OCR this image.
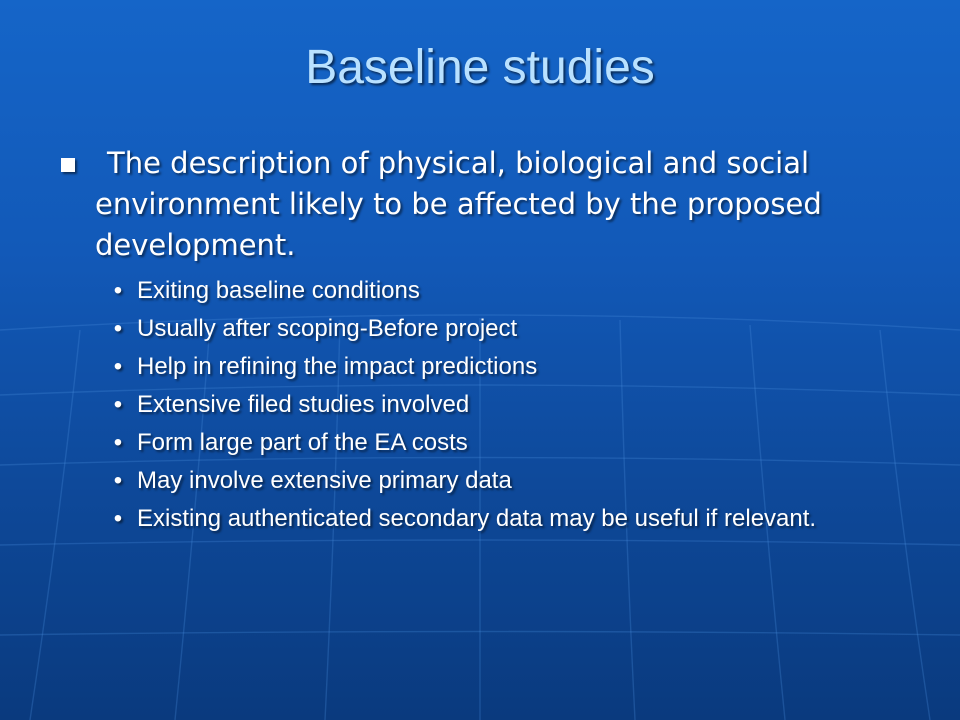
Baseline studies
The description of physical, biological and social environment likely to be affected by the proposed development.
• Exiting baseline conditions
• Usually after scoping-Before project
• Help in refining the impact predictions
• Extensive filed studies involved
• Form large part of the EA costs
• May involve extensive primary data
• Existing authenticated secondary data may be useful if relevant.
